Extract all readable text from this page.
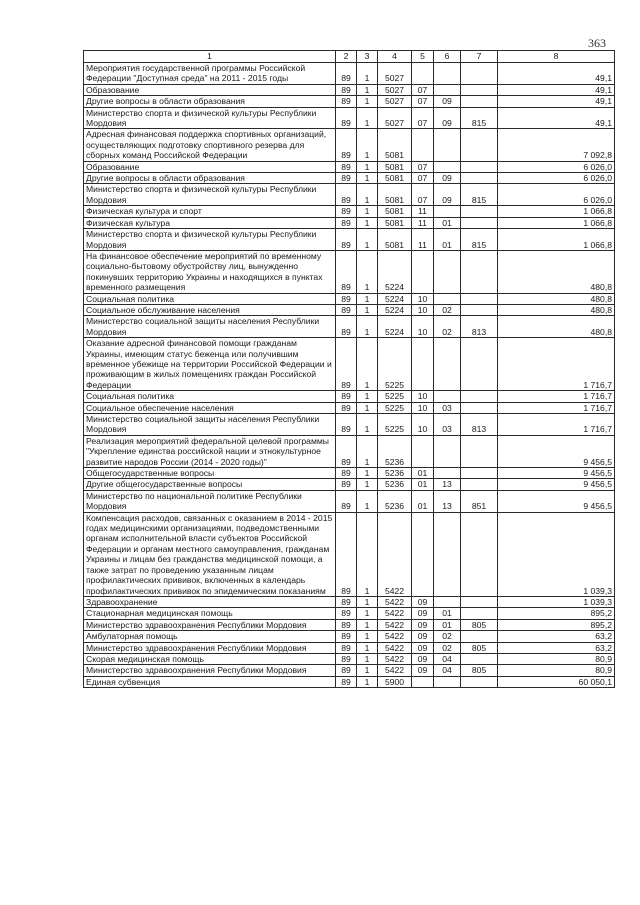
363
1	2	3	4	5	6	7	8
Мероприятия государственной программы Российской Федерации "Доступная среда" на 2011 - 2015 годы	89	1	5027				49,1
Образование	89	1	5027	07			49,1
Другие вопросы в области образования	89	1	5027	07	09		49,1
Министерство спорта и физической культуры Республики Мордовия	89	1	5027	07	09	815	49,1
Адресная финансовая поддержка спортивных организаций, осуществляющих подготовку спортивного резерва для сборных команд Российской Федерации	89	1	5081				7 092,8
Образование	89	1	5081	07			6 026,0
Другие вопросы в области образования	89	1	5081	07	09		6 026,0
Министерство спорта и физической культуры Республики Мордовия	89	1	5081	07	09	815	6 026,0
Физическая культура и спорт	89	1	5081	11			1 066,8
Физическая культура	89	1	5081	11	01		1 066,8
Министерство спорта и физической культуры Республики Мордовия	89	1	5081	11	01	815	1 066,8
На финансовое обеспечение мероприятий по временному социально-бытовому обустройству лиц, вынужденно покинувших территорию Украины и находящихся в пунктах временного размещения	89	1	5224				480,8
Социальная политика	89	1	5224	10			480,8
Социальное обслуживание населения	89	1	5224	10	02		480,8
Министерство социальной защиты населения Республики Мордовия	89	1	5224	10	02	813	480,8
Оказание адресной финансовой помощи гражданам Украины, имеющим статус беженца или получившим временное убежище на территории Российской Федерации и проживающим в жилых помещениях граждан Российской Федерации	89	1	5225				1 716,7
Социальная политика	89	1	5225	10			1 716,7
Социальное обеспечение населения	89	1	5225	10	03		1 716,7
Министерство социальной защиты населения Республики Мордовия	89	1	5225	10	03	813	1 716,7
Реализация мероприятий федеральной целевой программы "Укрепление единства российской нации и этнокультурное развитие народов России (2014 - 2020 годы)"	89	1	5236				9 456,5
Общегосударственные вопросы	89	1	5236	01			9 456,5
Другие общегосударственные вопросы	89	1	5236	01	13		9 456,5
Министерство по национальной политике Республики Мордовия	89	1	5236	01	13	851	9 456,5
Компенсация расходов, связанных с оказанием в 2014 - 2015 годах медицинскими организациями, подведомственными органам исполнительной власти субъектов Российской Федерации и органам местного самоуправления, гражданам Украины и лицам без гражданства медицинской помощи, а также затрат по проведению указанным лицам профилактических прививок, включенных в календарь профилактических прививок по эпидемическим показаниям	89	1	5422				1 039,3
Здравоохранение	89	1	5422	09			1 039,3
Стационарная медицинская помощь	89	1	5422	09	01		895,2
Министерство здравоохранения Республики Мордовия	89	1	5422	09	01	805	895,2
Амбулаторная помощь	89	1	5422	09	02		63,2
Министерство здравоохранения Республики Мордовия	89	1	5422	09	02	805	63,2
Скорая медицинская помощь	89	1	5422	09	04		80,9
Министерство здравоохранения Республики Мордовия	89	1	5422	09	04	805	80,9
Единая субвенция	89	1	5900				60 050,1
